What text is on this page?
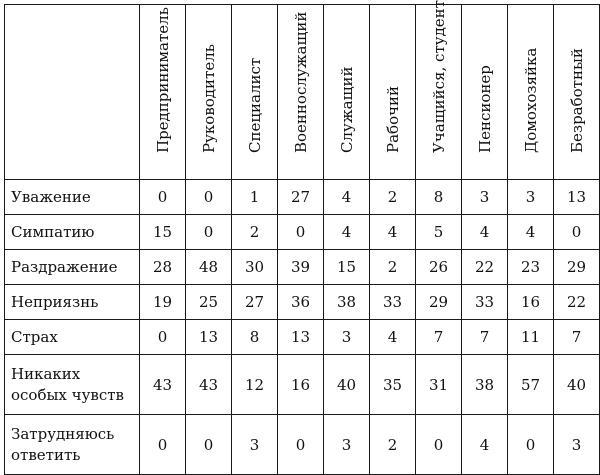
	Предприниматель	Руководитель	Специалист	Военнослужащий	Служащий	Рабочий	Учащийся, студент	Пенсионер	Домохозяйка	Безработный

Уважение	0	0	1	27	4	2	8	3	3	13
Симпатию	15	0	2	0	4	4	5	4	4	0
Раздражение	28	48	30	39	15	2	26	22	23	29
Неприязнь	19	25	27	36	38	33	29	33	16	22
Страх	0	13	8	13	3	4	7	7	11	7
Никаких особых чувств	43	43	12	16	40	35	31	38	57	40
Затрудняюсь ответить	0	0	3	0	3	2	0	4	0	3
